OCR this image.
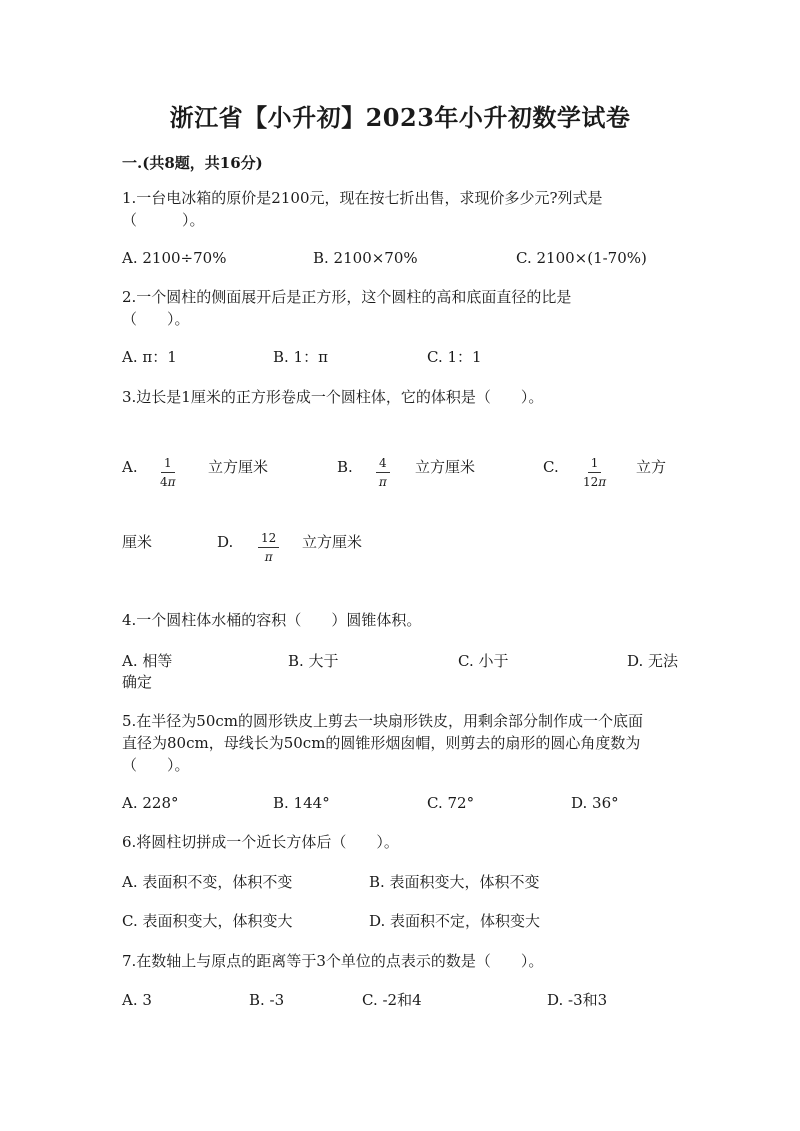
浙江省【小升初】2023年小升初数学试卷
一.(共8题，共16分)
1.一台电冰箱的原价是2100元，现在按七折出售，求现价多少元?列式是
（　　　）。
A. 2100÷70%	B. 2100×70%	C. 2100×(1-70%)
2.一个圆柱的侧面展开后是正方形，这个圆柱的高和底面直径的比是
（　　）。
A. π：1	B. 1：π	C. 1：1
3.边长是1厘米的正方形卷成一个圆柱体，它的体积是（　　）。
A. $\frac{1}{4\pi}$ 立方厘米	B. $\frac{4}{\pi}$ 立方厘米	C. $\frac{1}{12\pi}$ 立方
厘米	D. $\frac{12}{\pi}$ 立方厘米
4.一个圆柱体水桶的容积（　　）圆锥体积。
A. 相等	B. 大于	C. 小于	D. 无法
确定
5.在半径为50cm的圆形铁皮上剪去一块扇形铁皮，用剩余部分制作成一个底面
直径为80cm，母线长为50cm的圆锥形烟囱帽，则剪去的扇形的圆心角度数为
（　　）。
A. 228°	B. 144°	C. 72°	D. 36°
6.将圆柱切拼成一个近长方体后（　　）。
A. 表面积不变，体积不变	B. 表面积变大，体积不变
C. 表面积变大，体积变大	D. 表面积不定，体积变大
7.在数轴上与原点的距离等于3个单位的点表示的数是（　　）。
A. 3	B. -3	C. -2和4	D. -3和3
